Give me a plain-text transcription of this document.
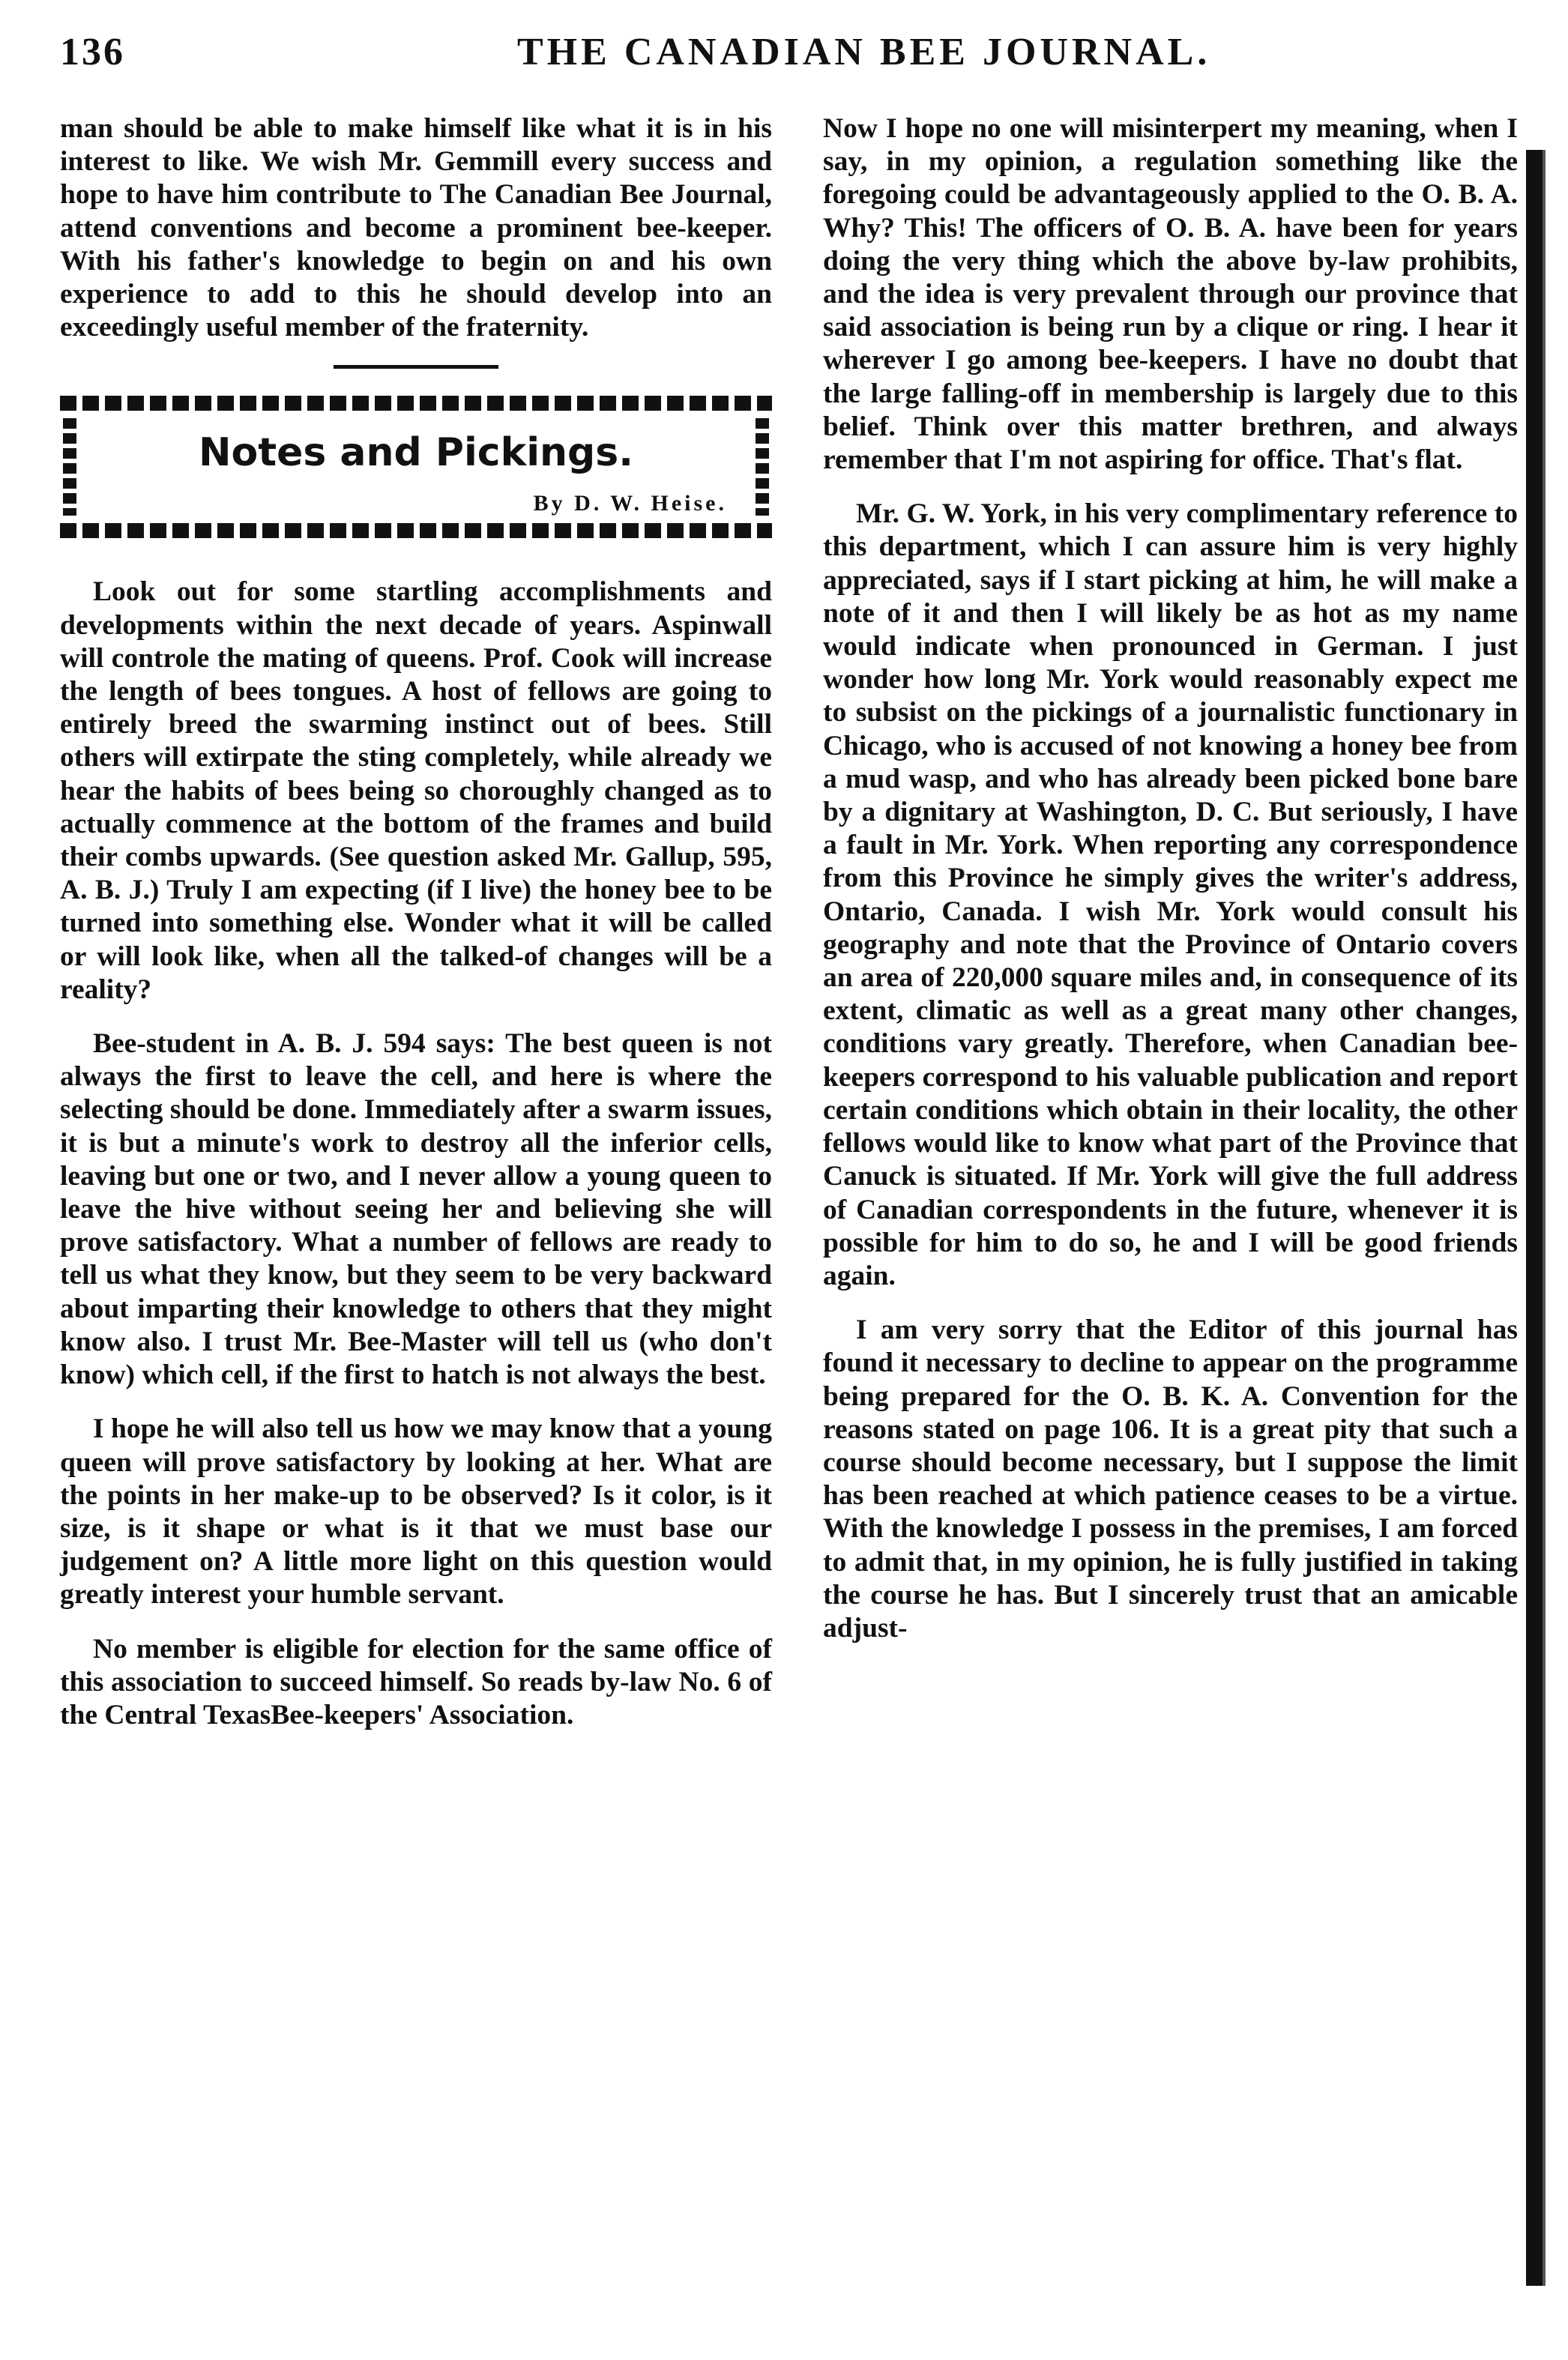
136	THE CANADIAN BEE JOURNAL.

man should be able to make himself like what it is in his interest to like. We wish Mr. Gemmill every success and hope to have him contribute to The Canadian Bee Journal, attend conventions and become a prominent bee-keeper. With his father's knowledge to begin on and his own experience to add to this he should develop into an exceedingly useful member of the fraternity.

Notes and Pickings.
By D. W. Heise.

Look out for some startling accomplishments and developments within the next decade of years. Aspinwall will controle the mating of queens. Prof. Cook will increase the length of bees tongues. A host of fellows are going to entirely breed the swarming instinct out of bees. Still others will extirpate the sting completely, while already we hear the habits of bees being so choroughly changed as to actually commence at the bottom of the frames and build their combs upwards. (See question asked Mr. Gallup, 595, A. B. J.) Truly I am expecting (if I live) the honey bee to be turned into something else. Wonder what it will be called or will look like, when all the talked-of changes will be a reality?

Bee-student in A. B. J. 594 says: The best queen is not always the first to leave the cell, and here is where the selecting should be done. Immediately after a swarm issues, it is but a minute's work to destroy all the inferior cells, leaving but one or two, and I never allow a young queen to leave the hive without seeing her and believing she will prove satisfactory. What a number of fellows are ready to tell us what they know, but they seem to be very backward about imparting their knowledge to others that they might know also. I trust Mr. Bee-Master will tell us (who don't know) which cell, if the first to hatch is not always the best.

I hope he will also tell us how we may know that a young queen will prove satisfactory by looking at her. What are the points in her make-up to be observed? Is it color, is it size, is it shape or what is it that we must base our judgement on? A little more light on this question would greatly interest your humble servant.

No member is eligible for election for the same office of this association to succeed himself. So reads by-law No. 6 of the Central TexasBee-keepers' Association.

Now I hope no one will misinterpert my meaning, when I say, in my opinion, a regulation something like the foregoing could be advantageously applied to the O. B. A. Why? This! The officers of O. B. A. have been for years doing the very thing which the above by-law prohibits, and the idea is very prevalent through our province that said association is being run by a clique or ring. I hear it wherever I go among bee-keepers. I have no doubt that the large falling-off in membership is largely due to this belief. Think over this matter brethren, and always remember that I'm not aspiring for office. That's flat.

Mr. G. W. York, in his very complimentary reference to this department, which I can assure him is very highly appreciated, says if I start picking at him, he will make a note of it and then I will likely be as hot as my name would indicate when pronounced in German. I just wonder how long Mr. York would reasonably expect me to subsist on the pickings of a journalistic functionary in Chicago, who is accused of not knowing a honey bee from a mud wasp, and who has already been picked bone bare by a dignitary at Washington, D. C. But seriously, I have a fault in Mr. York. When reporting any correspondence from this Province he simply gives the writer's address, Ontario, Canada. I wish Mr. York would consult his geography and note that the Province of Ontario covers an area of 220,000 square miles and, in consequence of its extent, climatic as well as a great many other changes, conditions vary greatly. Therefore, when Canadian bee-keepers correspond to his valuable publication and report certain conditions which obtain in their locality, the other fellows would like to know what part of the Province that Canuck is situated. If Mr. York will give the full address of Canadian correspondents in the future, whenever it is possible for him to do so, he and I will be good friends again.

I am very sorry that the Editor of this journal has found it necessary to decline to appear on the programme being prepared for the O. B. K. A. Convention for the reasons stated on page 106. It is a great pity that such a course should become necessary, but I suppose the limit has been reached at which patience ceases to be a virtue. With the knowledge I possess in the premises, I am forced to admit that, in my opinion, he is fully justified in taking the course he has. But I sincerely trust that an amicable adjust-
